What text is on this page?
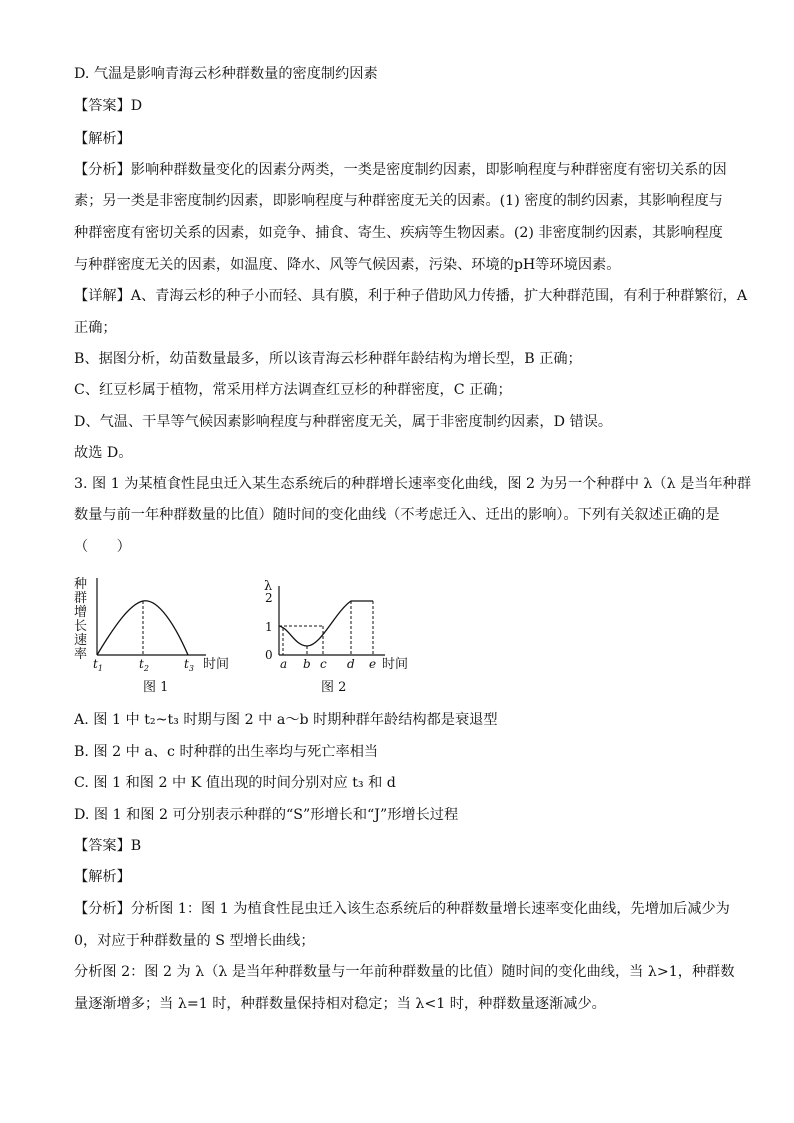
D. 气温是影响青海云杉种群数量的密度制约因素
【答案】D
【解析】
【分析】影响种群数量变化的因素分两类，一类是密度制约因素，即影响程度与种群密度有密切关系的因
素；另一类是非密度制约因素，即影响程度与种群密度无关的因素。(1) 密度的制约因素，其影响程度与
种群密度有密切关系的因素，如竞争、捕食、寄生、疾病等生物因素。(2) 非密度制约因素，其影响程度
与种群密度无关的因素，如温度、降水、风等气候因素，污染、环境的pH等环境因素。
【详解】A、青海云杉的种子小而轻、具有膜，利于种子借助风力传播，扩大种群范围，有利于种群繁衍，A
正确；
B、据图分析，幼苗数量最多，所以该青海云杉种群年龄结构为增长型，B 正确；
C、红豆杉属于植物，常采用样方法调查红豆杉的种群密度，C 正确；
D、气温、干旱等气候因素影响程度与种群密度无关，属于非密度制约因素，D 错误。
故选 D。
3. 图 1 为某植食性昆虫迁入某生态系统后的种群增长速率变化曲线，图 2 为另一个种群中 λ（λ 是当年种群
数量与前一年种群数量的比值）随时间的变化曲线（不考虑迁入、迁出的影响）。下列有关叙述正确的是
（　　）
种群增长速率
$t_1$	$t_2$	$t_3$ 时间
图 1
λ
2
1
0
a b c d e 时间
图 2
A. 图 1 中 t₂~t₃ 时期与图 2 中 a～b 时期种群年龄结构都是衰退型
B. 图 2 中 a、c 时种群的出生率均与死亡率相当
C. 图 1 和图 2 中 K 值出现的时间分别对应 t₃ 和 d
D. 图 1 和图 2 可分别表示种群的“S”形增长和“J”形增长过程
【答案】B
【解析】
【分析】分析图 1：图 1 为植食性昆虫迁入该生态系统后的种群数量增长速率变化曲线，先增加后减少为
0，对应于种群数量的 S 型增长曲线；
分析图 2：图 2 为 λ（λ 是当年种群数量与一年前种群数量的比值）随时间的变化曲线，当 λ>1，种群数
量逐渐增多；当 λ=1 时，种群数量保持相对稳定；当 λ<1 时，种群数量逐渐减少。
